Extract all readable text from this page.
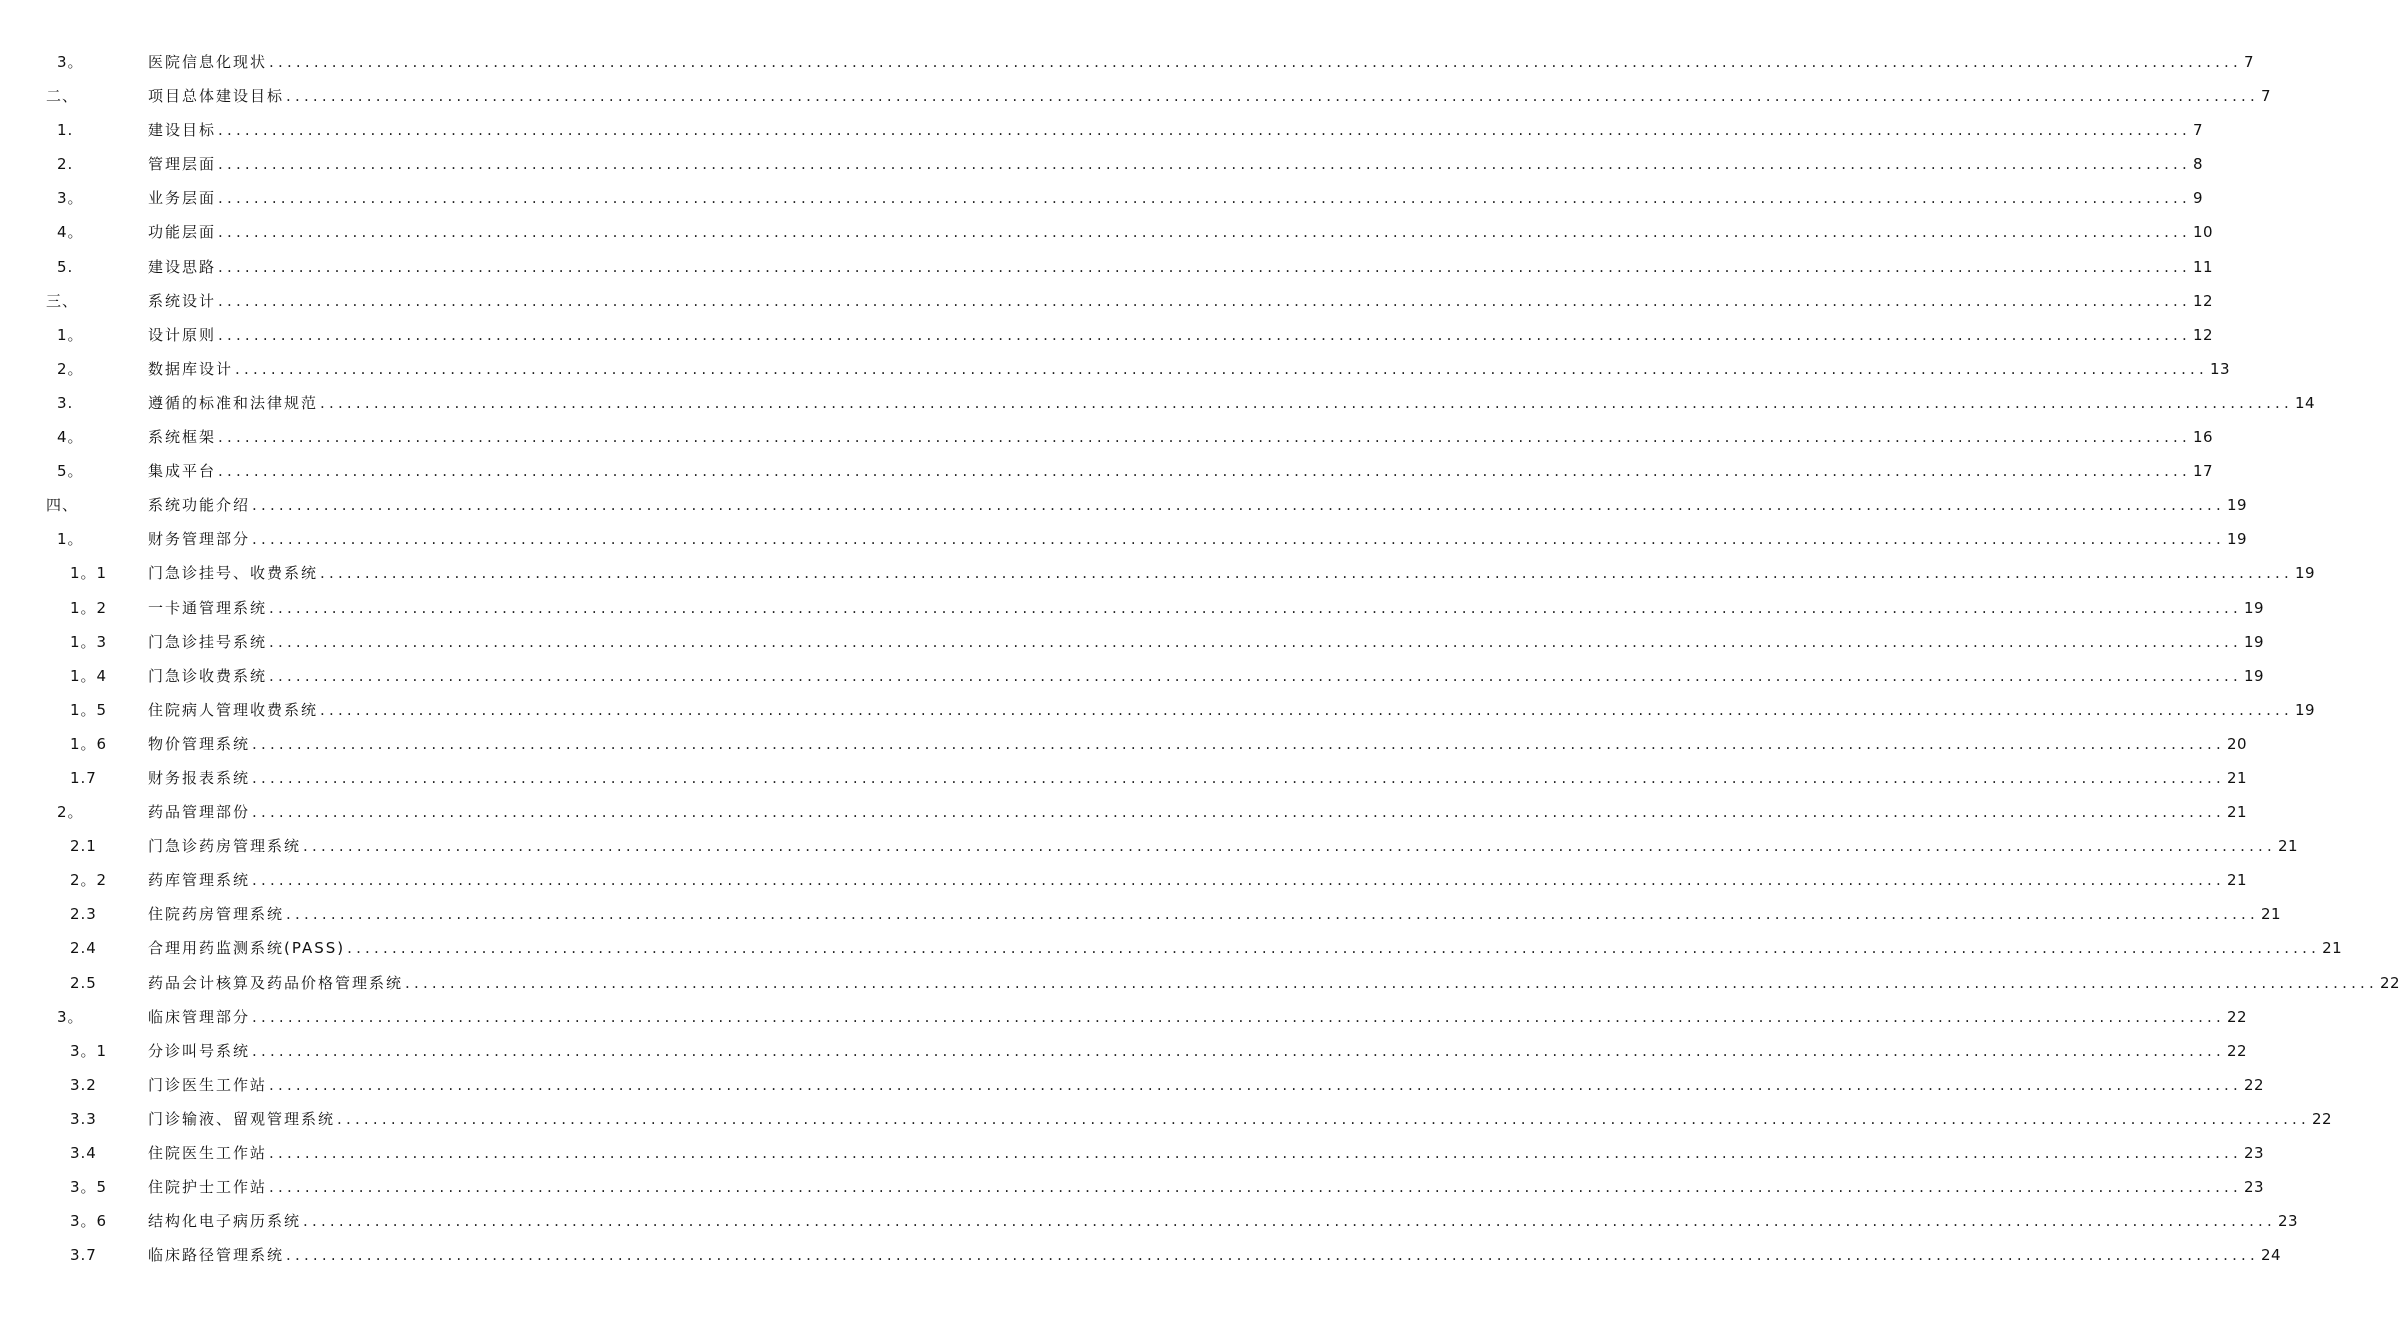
3。	医院信息化现状 ............................................................................................................................................................................................................................ 7
二、	项目总体建设目标 ............................................................................................................................................................................................................................ 7
1.	建设目标 ............................................................................................................................................................................................................................ 7
2.	管理层面 ............................................................................................................................................................................................................................ 8
3。	业务层面 ............................................................................................................................................................................................................................ 9
4。	功能层面 ............................................................................................................................................................................................................................ 10
5.	建设思路 ............................................................................................................................................................................................................................ 11
三、	系统设计 ............................................................................................................................................................................................................................ 12
1。	设计原则 ............................................................................................................................................................................................................................ 12
2。	数据库设计 ............................................................................................................................................................................................................................ 13
3.	遵循的标准和法律规范 ............................................................................................................................................................................................................................ 14
4。	系统框架 ............................................................................................................................................................................................................................ 16
5。	集成平台 ............................................................................................................................................................................................................................ 17
四、	系统功能介绍 ............................................................................................................................................................................................................................ 19
1。	财务管理部分 ............................................................................................................................................................................................................................ 19
1。1	门急诊挂号、收费系统 ............................................................................................................................................................................................................................ 19
1。2	一卡通管理系统 ............................................................................................................................................................................................................................ 19
1。3	门急诊挂号系统 ............................................................................................................................................................................................................................ 19
1。4	门急诊收费系统 ............................................................................................................................................................................................................................ 19
1。5	住院病人管理收费系统 ............................................................................................................................................................................................................................ 19
1。6	物价管理系统 ............................................................................................................................................................................................................................ 20
1.7	财务报表系统 ............................................................................................................................................................................................................................ 21
2。	药品管理部份 ............................................................................................................................................................................................................................ 21
2.1	门急诊药房管理系统 ............................................................................................................................................................................................................................ 21
2。2	药库管理系统 ............................................................................................................................................................................................................................ 21
2.3	住院药房管理系统 ............................................................................................................................................................................................................................ 21
2.4	合理用药监测系统(PASS) ............................................................................................................................................................................................................................ 21
2.5	药品会计核算及药品价格管理系统 ............................................................................................................................................................................................................................ 22
3。	临床管理部分 ............................................................................................................................................................................................................................ 22
3。1	分诊叫号系统 ............................................................................................................................................................................................................................ 22
3.2	门诊医生工作站 ............................................................................................................................................................................................................................ 22
3.3	门诊输液、留观管理系统 ............................................................................................................................................................................................................................ 22
3.4	住院医生工作站 ............................................................................................................................................................................................................................ 23
3。5	住院护士工作站 ............................................................................................................................................................................................................................ 23
3。6	结构化电子病历系统 ............................................................................................................................................................................................................................ 23
3.7	临床路径管理系统 ............................................................................................................................................................................................................................ 24
